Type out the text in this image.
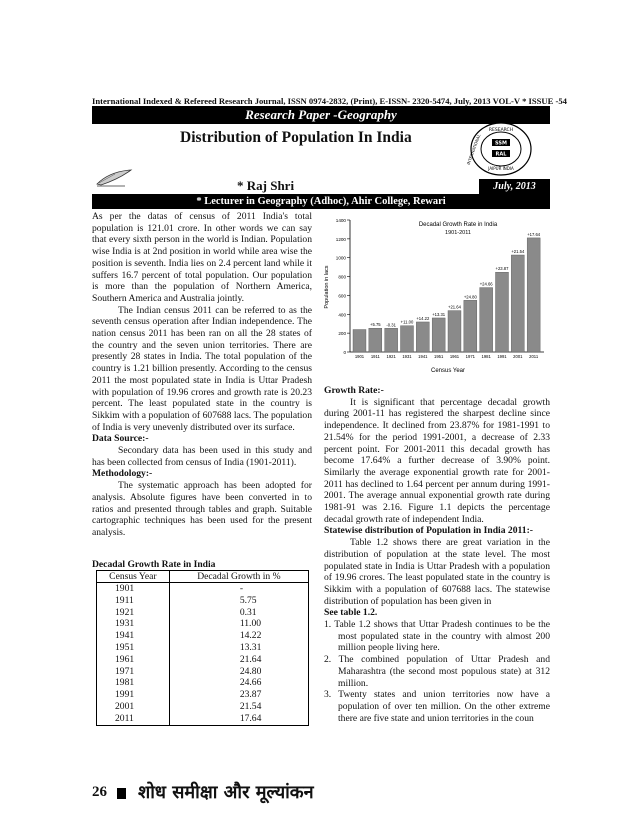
International Indexed & Refereed Research Journal, ISSN 0974-2832, (Print), E-ISSN- 2320-5474, July, 2013 VOL-V * ISSUE -54
Research Paper -Geography
RESEARCH
INTERNATIONAL	SSM
RAL
JAIPUR INDIA
Distribution of Population In India
* Raj Shri	July, 2013
* Lecturer in Geography (Adhoc), Ahir College, Rewari

As per the datas of census of 2011 India's total population is 121.01 crore. In other words we can say that every sixth person in the world is Indian. Population wise India is at 2nd position in world while area wise the position is seventh. India lies on 2.4 percent land while it suffers 16.7 percent of total population. Our population is more than the population of Northern America, Southern America and Australia jointly.

The Indian census 2011 can be referred to as the seventh census operation after Indian independence. The nation census 2011 has been ran on all the 28 states of the country and the seven union territories. There are presently 28 states in India. The total population of the country is 1.21 billion presently. According to the census 2011 the most populated state in India is Uttar Pradesh with population of 19.96 crores and growth rate is 20.23 percent. The least populated state in the country is Sikkim with a population of 607688 lacs. The population of India is very unevenly distributed over its surface.

Data Source:-

Secondary data has been used in this study and has been collected from census of India (1901-2011).

Methodology:-

The systematic approach has been adopted for analysis. Absolute figures have been converted in to ratios and presented through tables and graph. Suitable cartographic techniques has been used for the present analysis.

Decadal Growth Rate in India
Census Year	Decadal Growth in %
1901	-
1911	5.75
1921	0.31
1931	11.00
1941	14.22
1951	13.31
1961	21.64
1971	24.80
1981	24.66
1991	23.87
2001	21.54
2011	17.64
0
200
400
600
800
1000
1200
1400
1901 1911
+5.75
1921
-0.31
1931
+11.00
1941
+14.22
1951
+13.31
1961
+21.64
1971
+24.80
1981
+24.66
1991
+23.87
2001
+21.54
2011
+17.64
Decadal Growth Rate in India
1901-2011
Census Year
Population in lacs

Growth Rate:-

It is significant that percentage decadal growth during 2001-11 has registered the sharpest decline since independence. It declined from 23.87% for 1981-1991 to 21.54% for the period 1991-2001, a decrease of 2.33 percent point. For 2001-2011 this decadal growth has become 17.64% a further decrease of 3.90% point. Similarly the average exponential growth rate for 2001-2011 has declined to 1.64 percent per annum during 1991-2001. The average annual exponential growth rate during 1981-91 was 2.16. Figure 1.1 depicts the percentage decadal growth rate of independent India.

Statewise distribution of Population in India 2011:-

Table 1.2 shows there are great variation in the distribution of population at the state level. The most populated state in India is Uttar Pradesh with a population of 19.96 crores. The least populated state in the country is Sikkim with a population of 607688 lacs. The statewise distribution of population has been given in

See table 1.2.

1. Table 1.2 shows that Uttar Pradesh continues to be the most populated state in the country with almost 200 million people living here.

2. The combined population of Uttar Pradesh and Maharashtra (the second most populous state) at 312 million.

3. Twenty states and union territories now have a population of over ten million. On the other extreme there are five state and union territories in the coun

26 शोध समीक्षा और मूल्यांकन
